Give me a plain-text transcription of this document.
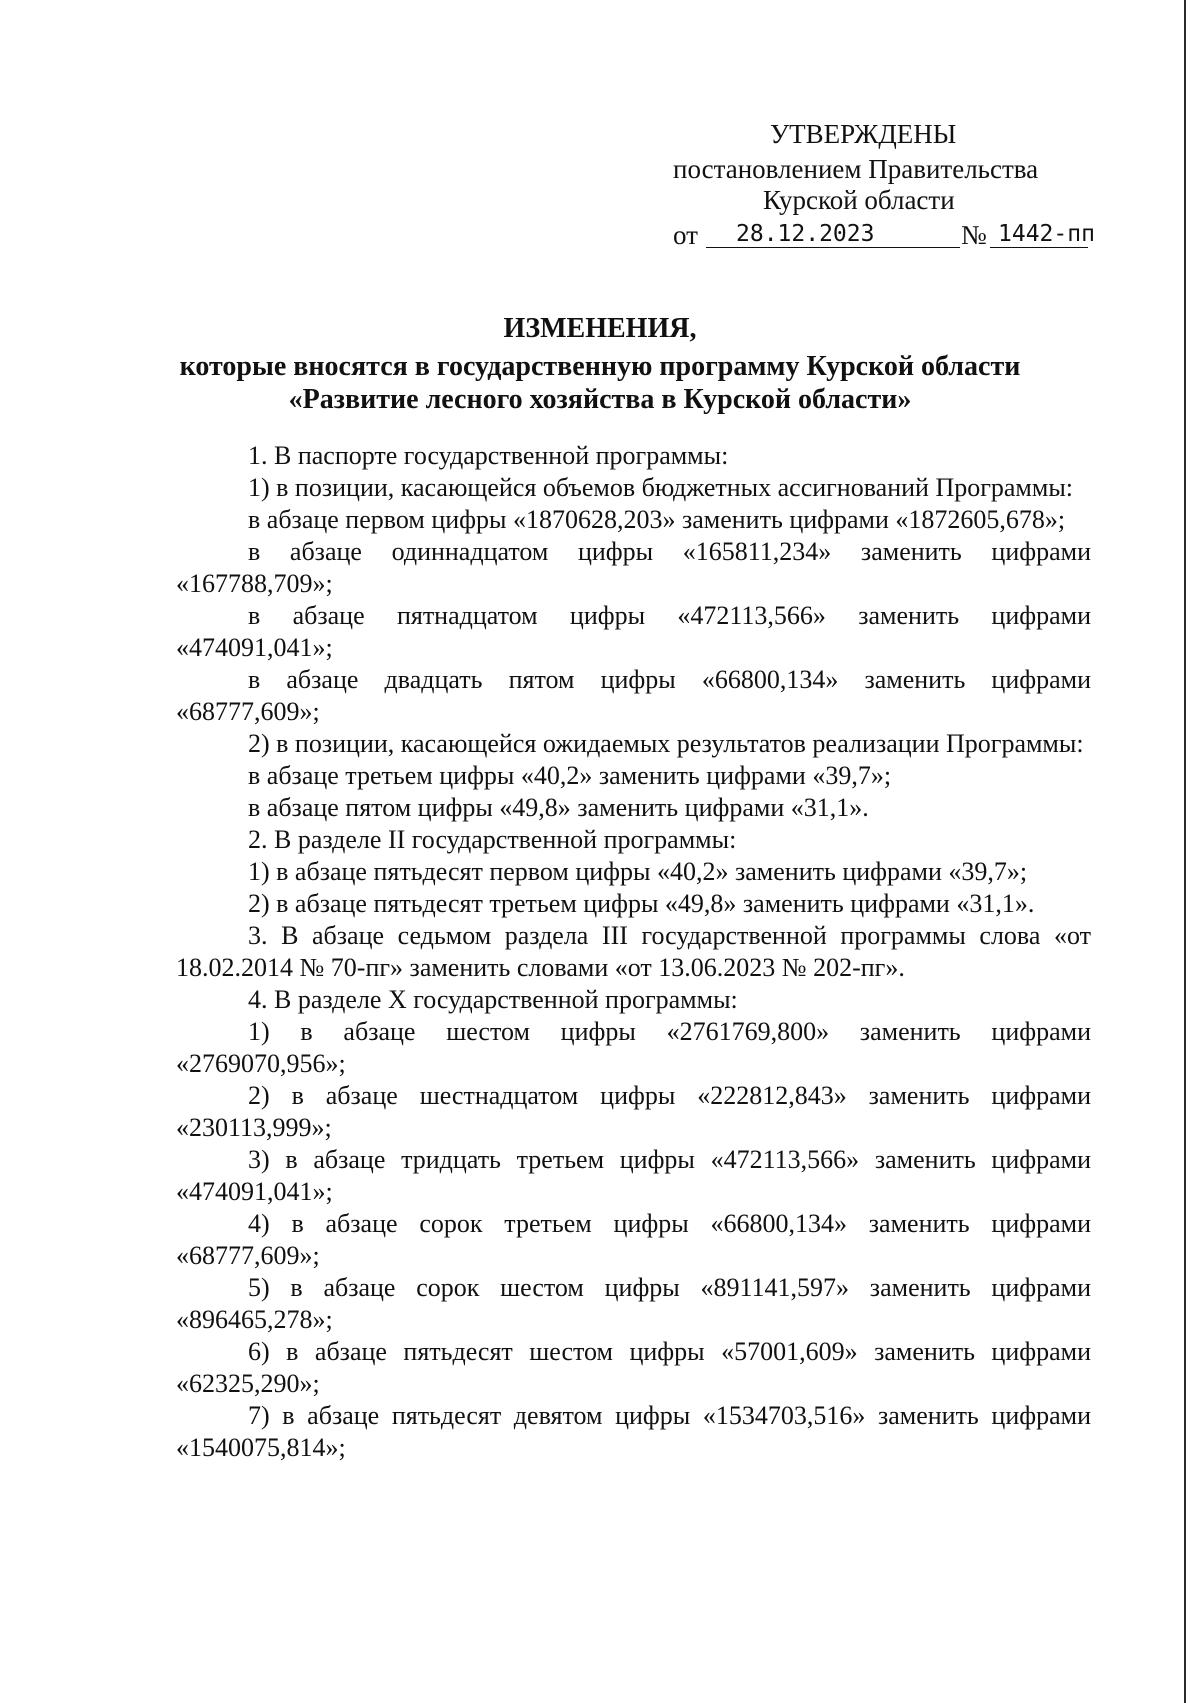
УТВЕРЖДЕНЫ
постановлением Правительства
Курской области
от 28.12.2023	№ 1442-пп
ИЗМЕНЕНИЯ,
которые вносятся в государственную программу Курской области
«Развитие лесного хозяйства в Курской области»

1. В паспорте государственной программы:

1) в позиции, касающейся объемов бюджетных ассигнований Программы:

в абзаце первом цифры «1870628,203» заменить цифрами «1872605,678»;

в абзаце одиннадцатом цифры «165811,234» заменить цифрами «167788,709»;

в абзаце пятнадцатом цифры «472113,566» заменить цифрами «474091,041»;

в абзаце двадцать пятом цифры «66800,134» заменить цифрами «68777,609»;

2) в позиции, касающейся ожидаемых результатов реализации Программы:

в абзаце третьем цифры «40,2» заменить цифрами «39,7»;

в абзаце пятом цифры «49,8» заменить цифрами «31,1».

2. В разделе II государственной программы:

1) в абзаце пятьдесят первом цифры «40,2» заменить цифрами «39,7»;

2) в абзаце пятьдесят третьем цифры «49,8» заменить цифрами «31,1».

3. В абзаце седьмом раздела III государственной программы слова «от 18.02.2014 № 70-пг» заменить словами «от 13.06.2023 № 202-пг».

4. В разделе X государственной программы:

1) в абзаце шестом цифры «2761769,800» заменить цифрами «2769070,956»;

2) в абзаце шестнадцатом цифры «222812,843» заменить цифрами «230113,999»;

3) в абзаце тридцать третьем цифры «472113,566» заменить цифрами «474091,041»;

4) в абзаце сорок третьем цифры «66800,134» заменить цифрами «68777,609»;

5) в абзаце сорок шестом цифры «891141,597» заменить цифрами «896465,278»;

6) в абзаце пятьдесят шестом цифры «57001,609» заменить цифрами «62325,290»;

7) в абзаце пятьдесят девятом цифры «1534703,516» заменить цифрами «1540075,814»;
